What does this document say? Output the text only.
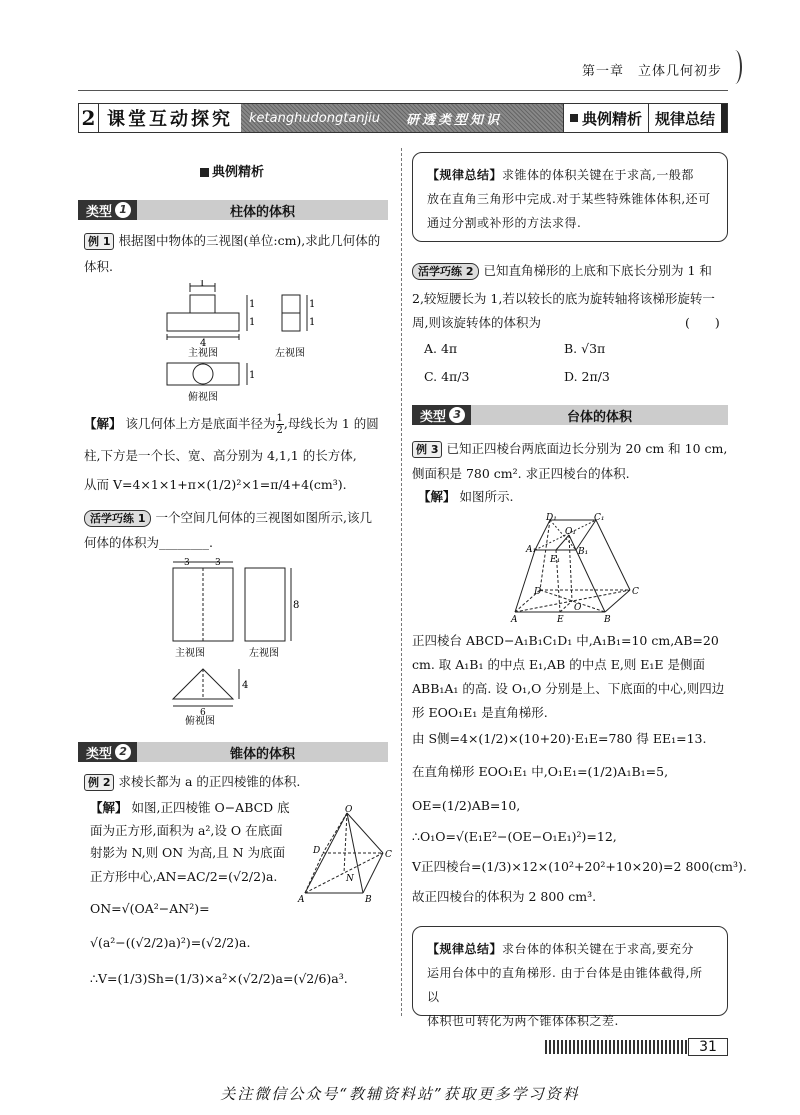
第一章　立体几何初步
2 课堂互动探究	ketanghudongtanjiu 研透类型知识	典例精析 规律总结
典例精析
类型 1	柱体的体积
例 1 根据图中物体的三视图(单位:cm),求此几何体的
体积.
1
4
1
1
1
1
主视图	左视图
1
俯视图
【解】 该几何体上方是底面半径为 $\frac{1}{2}$ ,母线长为 1 的圆
柱,下方是一个长、宽、高分别为 4,1,1 的长方体,
从而 V=4×1×1+π×(1/2)²×1=π/4+4(cm³).
活学巧练 1 一个空间几何体的三视图如图所示,该几
何体的体积为________.
3	3
8
主视图	左视图
4
6
俯视图
类型 2	锥体的体积
例 2 求棱长都为 a 的正四棱锥的体积.
【解】 如图,正四棱锥 O−ABCD 底
面为正方形,面积为 a²,设 O 在底面
射影为 N,则 ON 为高,且 N 为底面
正方形中心,AN=AC/2=(√2/2)a.
ON=√(OA²−AN²)=
√(a²−((√2/2)a)²)=(√2/2)a.
∴V=(1/3)Sh=(1/3)×a²×(√2/2)a=(√2/6)a³.
O
A	B
C
D
N
【规律总结】求锥体的体积关键在于求高,一般都
放在直角三角形中完成.对于某些特殊锥体体积,还可
通过分割或补形的方法求得.
活学巧练 2 已知直角梯形的上底和下底长分别为 1 和
2,较短腰长为 1,若以较长的底为旋转轴将该梯形旋转一
周,则该旋转体的体积为	(　　)
A. 4π	B. √3π
C. 4π/3	D. 2π/3
类型 3	台体的体积
例 3 已知正四棱台两底面边长分别为 20 cm 和 10 cm,
侧面积是 780 cm². 求正四棱台的体积.
【解】 如图所示.
D₁	C₁
A₁	B₁
O₁
E₁
O
A	E	B
C
D
正四棱台 ABCD−A₁B₁C₁D₁ 中,A₁B₁=10 cm,AB=20
cm. 取 A₁B₁ 的中点 E₁,AB 的中点 E,则 E₁E 是侧面
ABB₁A₁ 的高. 设 O₁,O 分别是上、下底面的中心,则四边
形 EOO₁E₁ 是直角梯形.
由 S侧=4×(1/2)×(10+20)·E₁E=780 得 EE₁=13.
在直角梯形 EOO₁E₁ 中,O₁E₁=(1/2)A₁B₁=5,
OE=(1/2)AB=10,
∴O₁O=√(E₁E²−(OE−O₁E₁)²)=12,
V正四棱台=(1/3)×12×(10²+20²+10×20)=2 800(cm³).
故正四棱台的体积为 2 800 cm³.
【规律总结】求台体的体积关键在于求高,要充分
运用台体中的直角梯形. 由于台体是由锥体截得,所以
体积也可转化为两个锥体体积之差.
31
关注微信公众号“教辅资料站”获取更多学习资料
